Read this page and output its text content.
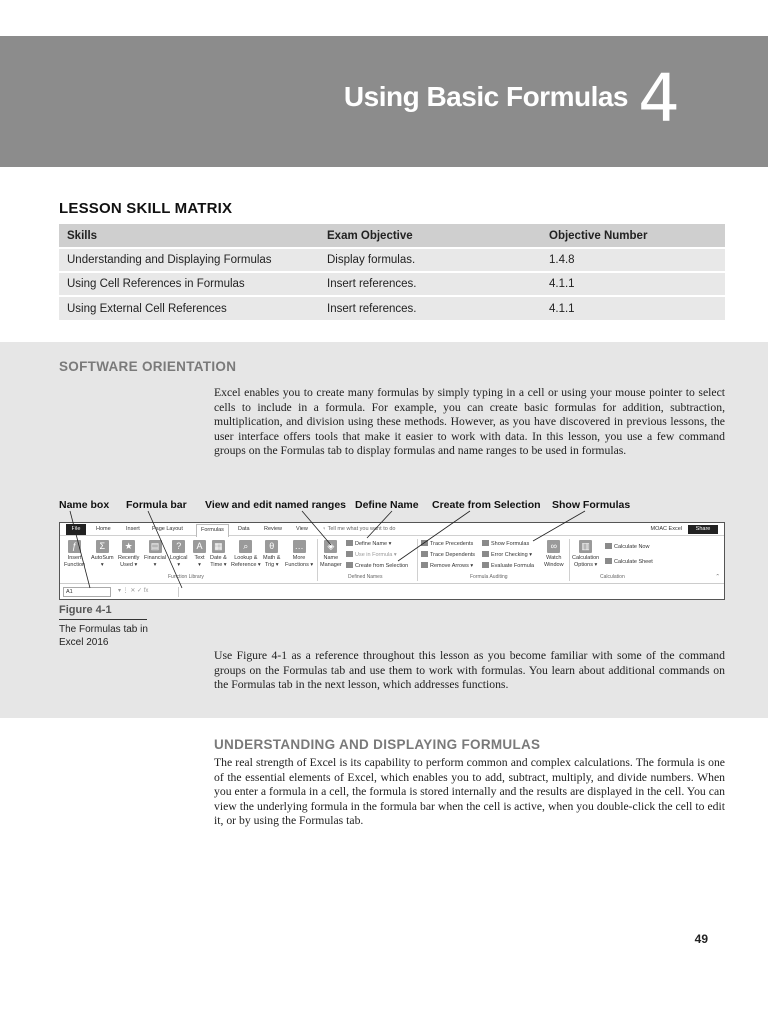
Using Basic Formulas 4
LESSON SKILL MATRIX
Skills	Exam Objective	Objective Number
Understanding and Displaying Formulas	Display formulas.	1.4.8
Using Cell References in Formulas	Insert references.	4.1.1
Using External Cell References	Insert references.	4.1.1
SOFTWARE ORIENTATION
Excel enables you to create many formulas by simply typing in a cell or using your mouse pointer to select cells to include in a formula. For example, you can create basic formulas for addition, subtraction, multiplication, and division using these methods. However, as you have discovered in previous lessons, the user interface offers tools that make it easier to work with data. In this lesson, you use a few command groups on the Formulas tab to display formulas and name ranges to be used in formulas.
Name box Formula bar View and edit named ranges Define Name Create from Selection Show Formulas
File	Home	Insert Page Layout	Formulas	Data	Review	View	♀ Tell me what you want to do	MOAC Excel	Share
ƒ
Insert
Function
Σ
AutoSum
▾
★
Recently
Used ▾
▤
Financial
▾
?
Logical
▾
A
Text
▾
▦
Date &
Time ▾
⌕
Lookup &
Reference ▾
θ
Math &
Trig ▾
…
More
Functions ▾
Function Library
◈
Name
Manager
Define Name ▾
Use in Formula ▾
Create from Selection
Defined Names
Trace Precedents
Trace Dependents
Remove Arrows ▾
Show Formulas
Error Checking ▾
Evaluate Formula
∞
Watch
Window
Formula Auditing
▥
Calculation
Options ▾
Calculate Now
Calculate Sheet
Calculation	⌃
A1	▾ ⋮ ✕ ✓ fx
Figure 4-1
The Formulas tab in Excel 2016
Use Figure 4-1 as a reference throughout this lesson as you become familiar with some of the command groups on the Formulas tab and use them to work with formulas. You learn about additional commands on the Formulas tab in the next lesson, which addresses functions.
UNDERSTANDING AND DISPLAYING FORMULAS
The real strength of Excel is its capability to perform common and complex calculations. The formula is one of the essential elements of Excel, which enables you to add, subtract, multiply, and divide numbers. When you enter a formula in a cell, the formula is stored internally and the results are displayed in the cell. You can view the underlying formula in the formula bar when the cell is active, when you double-click the cell to edit it, or by using the Formulas tab.
49
